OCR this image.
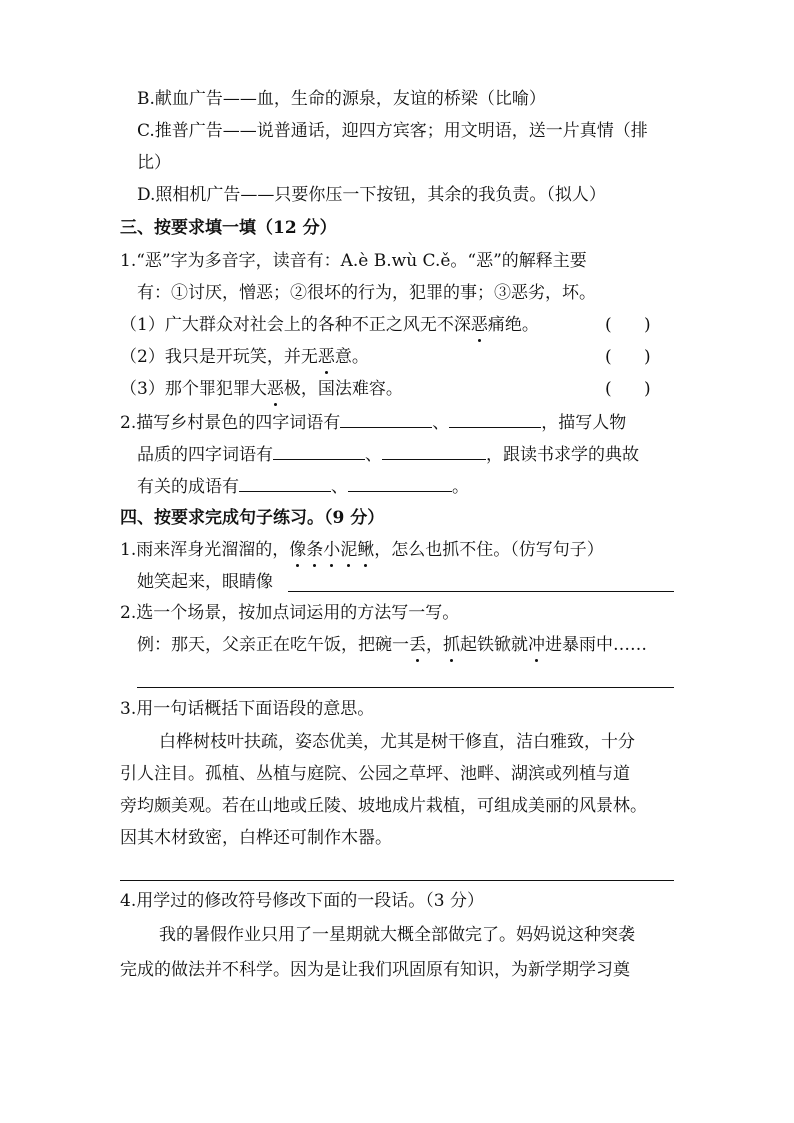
B.献血广告——血，生命的源泉，友谊的桥梁（比喻）
C.推普广告——说普通话，迎四方宾客；用文明语，送一片真情（排
比）
D.照相机广告——只要你压一下按钮，其余的我负责。（拟人）
三、按要求填一填（12 分）
1.“恶”字为多音字，读音有：A.è B.wù C.ě。“恶”的解释主要
有：①讨厌，憎恶；②很坏的行为，犯罪的事；③恶劣，坏。
（1）广大群众对社会上的各种不正之风无不深恶痛绝。	(      )
（2）我只是开玩笑，并无恶意。	(      )
（3）那个罪犯罪大恶极，国法难容。	(      )
2.描写乡村景色的四字词语有	、	，描写人物
品质的四字词语有	、	，跟读书求学的典故
有关的成语有	、	。
四、按要求完成句子练习。（9 分）
1.雨来浑身光溜溜的，像条小泥鳅，怎么也抓不住。（仿写句子）
她笑起来，眼睛像
2.选一个场景，按加点词运用的方法写一写。
例：那天，父亲正在吃午饭，把碗一丢，抓起铁锨就冲进暴雨中……
3.用一句话概括下面语段的意思。
白桦树枝叶扶疏，姿态优美，尤其是树干修直，洁白雅致，十分
引人注目。孤植、丛植与庭院、公园之草坪、池畔、湖滨或列植与道
旁均颇美观。若在山地或丘陵、坡地成片栽植，可组成美丽的风景林。
因其木材致密，白桦还可制作木器。
4.用学过的修改符号修改下面的一段话。（3 分）
我的暑假作业只用了一星期就大概全部做完了。妈妈说这种突袭
完成的做法并不科学。因为是让我们巩固原有知识，为新学期学习奠
